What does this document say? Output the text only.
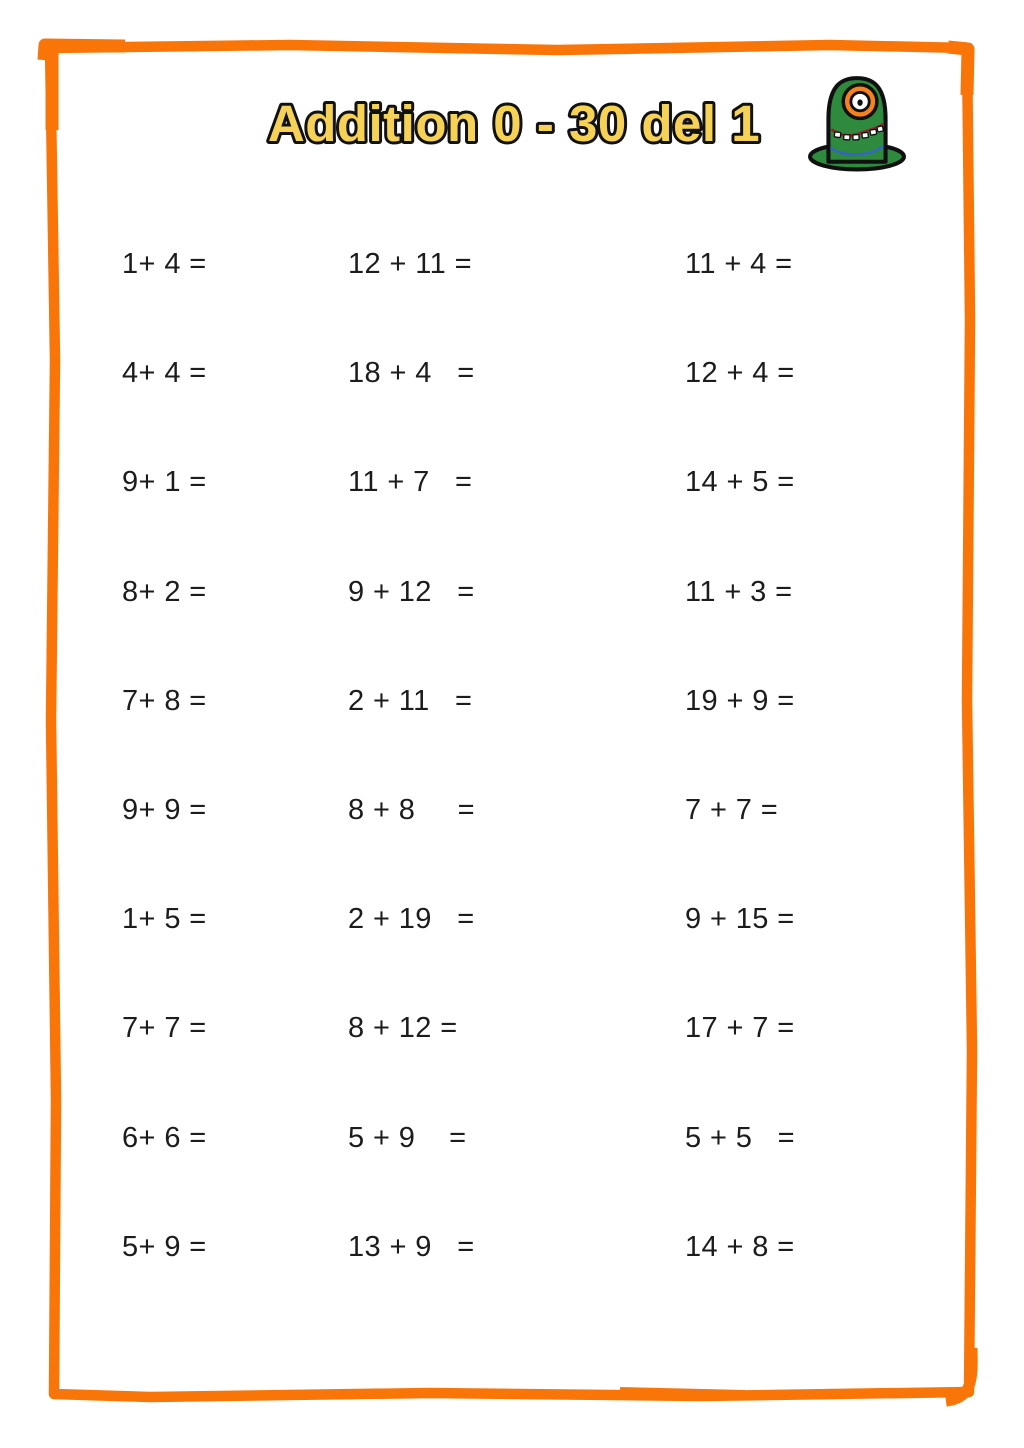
Addition 0 - 30 del 1
1+ 4 =	12 + 11 =	11 + 4 =
4+ 4 =	18 + 4   =	12 + 4 =
9+ 1 =	11 + 7   =	14 + 5 =
8+ 2 =	9 + 12   =	11 + 3 =
7+ 8 =	2 + 11   =	19 + 9 =
9+ 9 =	8 + 8     =	7 + 7 =
1+ 5 =	2 + 19   =	9 + 15 =
7+ 7 =	8 + 12 =	17 + 7 =
6+ 6 =	5 + 9    =	5 + 5   =
5+ 9 =	13 + 9   =	14 + 8 =
